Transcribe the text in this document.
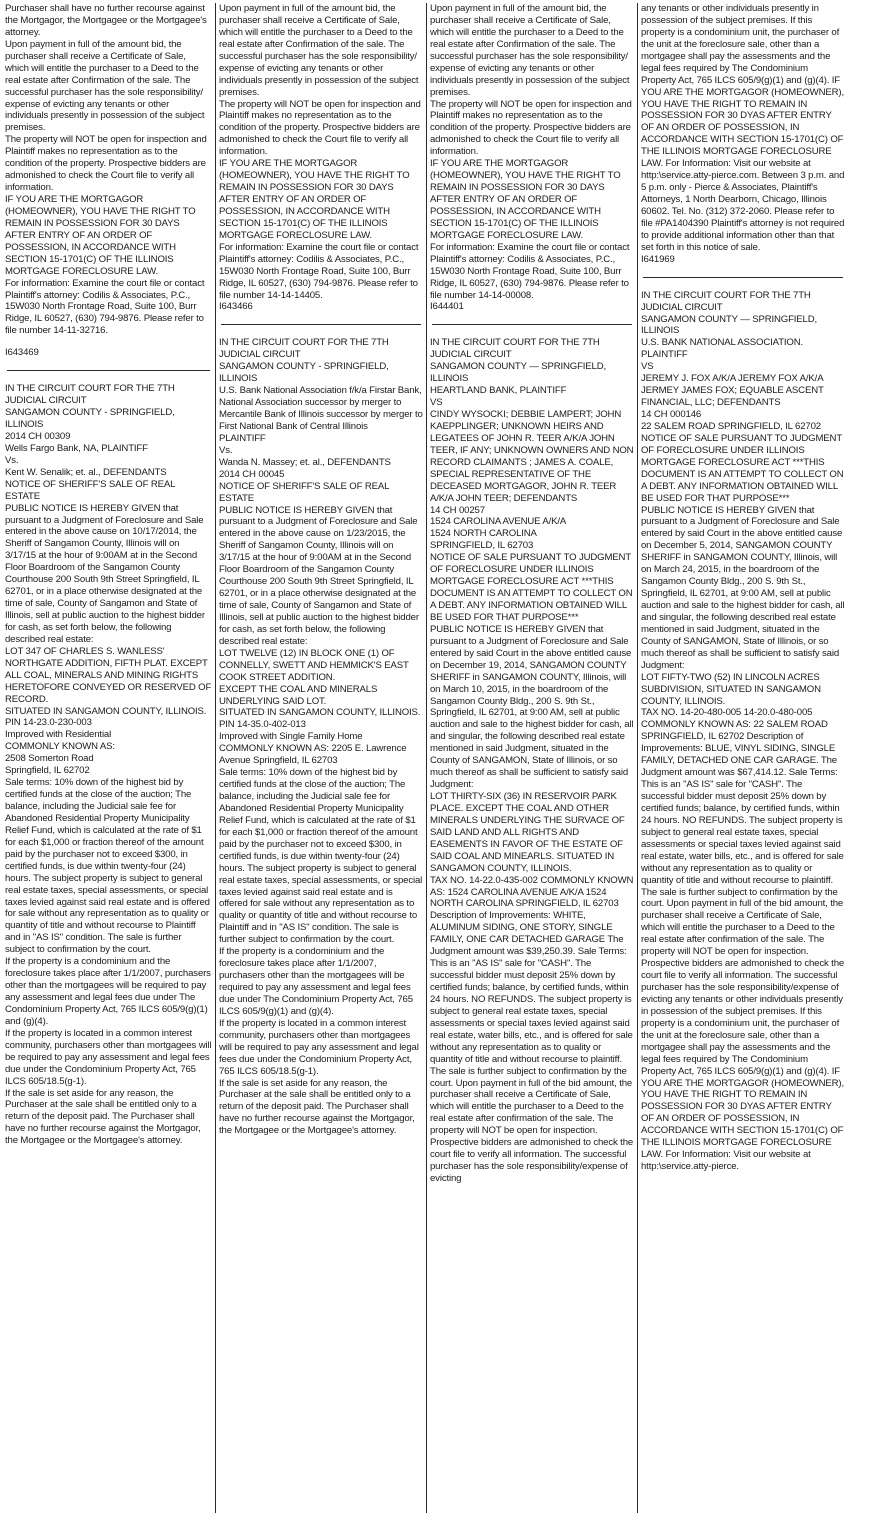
Purchaser shall have no further recourse against the Mortgagor, the Mortgagee or the Mortgagee's attorney.

Upon payment in full of the amount bid, the purchaser shall receive a Certificate of Sale, which will entitle the purchaser to a Deed to the real estate after Confirmation of the sale. The successful purchaser has the sole responsibility/ expense of evicting any tenants or other individuals presently in possession of the subject premises.

The property will NOT be open for inspection and Plaintiff makes no representation as to the condition of the property. Prospective bidders are admonished to check the Court file to verify all information.

IF YOU ARE THE MORTGAGOR (HOMEOWNER), YOU HAVE THE RIGHT TO REMAIN IN POSSESSION FOR 30 DAYS AFTER ENTRY OF AN ORDER OF POSSESSION, IN ACCORDANCE WITH SECTION 15-1701(C) OF THE ILLINOIS MORTGAGE FORECLOSURE LAW.

For information: Examine the court file or contact Plaintiff's attorney: Codilis & Associates, P.C., 15W030 North Frontage Road, Suite 100, Burr Ridge, IL 60527, (630) 794-9876. Please refer to file number 14-11-32716.

I643469

IN THE CIRCUIT COURT FOR THE 7TH JUDICIAL CIRCUIT

SANGAMON COUNTY - SPRINGFIELD, ILLINOIS

2014 CH 00309

Wells Fargo Bank, NA, PLAINTIFF

Vs.

Kent W. Senalik; et. al., DEFENDANTS

NOTICE OF SHERIFF'S SALE OF REAL ESTATE

PUBLIC NOTICE IS HEREBY GIVEN that pursuant to a Judgment of Foreclosure and Sale entered in the above cause on 10/17/2014, the Sheriff of Sangamon County, Illinois will on 3/17/15 at the hour of 9:00AM at in the Second Floor Boardroom of the Sangamon County Courthouse 200 South 9th Street Springfield, IL 62701, or in a place otherwise designated at the time of sale, County of Sangamon and State of Illinois, sell at public auction to the highest bidder for cash, as set forth below, the following described real estate:

LOT 347 OF CHARLES S. WANLESS' NORTHGATE ADDITION, FIFTH PLAT. EXCEPT ALL COAL, MINERALS AND MINING RIGHTS HERETOFORE CONVEYED OR RESERVED OF RECORD.

SITUATED IN SANGAMON COUNTY, ILLINOIS.

PIN 14-23.0-230-003

Improved with Residential

COMMONLY KNOWN AS:

2508 Somerton Road

Springfield, IL 62702

Sale terms: 10% down of the highest bid by certified funds at the close of the auction; The balance, including the Judicial sale fee for Abandoned Residential Property Municipality Relief Fund, which is calculated at the rate of $1 for each $1,000 or fraction thereof of the amount paid by the purchaser not to exceed $300, in certified funds, is due within twenty-four (24) hours. The subject property is subject to general real estate taxes, special assessments, or special taxes levied against said real estate and is offered for sale without any representation as to quality or quantity of title and without recourse to Plaintiff and in "AS IS" condition. The sale is further subject to confirmation by the court.

If the property is a condominium and the foreclosure takes place after 1/1/2007, purchasers other than the mortgagees will be required to pay any assessment and legal fees due under The Condominium Property Act, 765 ILCS 605/9(g)(1) and (g)(4).

If the property is located in a common interest community, purchasers other than mortgagees will be required to pay any assessment and legal fees due under the Condominium Property Act, 765 ILCS 605/18.5(g-1).

If the sale is set aside for any reason, the Purchaser at the sale shall be entitled only to a return of the deposit paid. The Purchaser shall have no further recourse against the Mortgagor, the Mortgagee or the Mortgagee's attorney.

Upon payment in full of the amount bid, the purchaser shall receive a Certificate of Sale, which will entitle the purchaser to a Deed to the real estate after Confirmation of the sale. The successful purchaser has the sole responsibility/ expense of evicting any tenants or other individuals presently in possession of the subject premises.

The property will NOT be open for inspection and Plaintiff makes no representation as to the condition of the property. Prospective bidders are admonished to check the Court file to verify all information.

IF YOU ARE THE MORTGAGOR (HOMEOWNER), YOU HAVE THE RIGHT TO REMAIN IN POSSESSION FOR 30 DAYS AFTER ENTRY OF AN ORDER OF POSSESSION, IN ACCORDANCE WITH SECTION 15-1701(C) OF THE ILLINOIS MORTGAGE FORECLOSURE LAW.

For information: Examine the court file or contact Plaintiff's attorney: Codilis & Associates, P.C., 15W030 North Frontage Road, Suite 100, Burr Ridge, IL 60527, (630) 794-9876. Please refer to file number 14-14-14405.

I643466

IN THE CIRCUIT COURT FOR THE 7TH JUDICIAL CIRCUIT

SANGAMON COUNTY - SPRINGFIELD, ILLINOIS

U.S. Bank National Association f/k/a Firstar Bank, National Association successor by merger to Mercantile Bank of Illinois successor by merger to First National Bank of Central Illinois

PLAINTIFF

Vs.

Wanda N. Massey; et. al., DEFENDANTS

2014 CH 00045

NOTICE OF SHERIFF'S SALE OF REAL ESTATE

PUBLIC NOTICE IS HEREBY GIVEN that pursuant to a Judgment of Foreclosure and Sale entered in the above cause on 1/23/2015, the Sheriff of Sangamon County, Illinois will on 3/17/15 at the hour of 9:00AM at in the Second Floor Boardroom of the Sangamon County Courthouse 200 South 9th Street Springfield, IL 62701, or in a place otherwise designated at the time of sale, County of Sangamon and State of Illinois, sell at public auction to the highest bidder for cash, as set forth below, the following described real estate:

LOT TWELVE (12) IN BLOCK ONE (1) OF CONNELLY, SWETT AND HEMMICK'S EAST COOK STREET ADDITION.

EXCEPT THE COAL AND MINERALS UNDERLYING SAID LOT.

SITUATED IN SANGAMON COUNTY, ILLINOIS.

PIN 14-35.0-402-013

Improved with Single Family Home

COMMONLY KNOWN AS: 2205 E. Lawrence Avenue Springfield, IL 62703

Sale terms: 10% down of the highest bid by certified funds at the close of the auction; The balance, including the Judicial sale fee for Abandoned Residential Property Municipality Relief Fund, which is calculated at the rate of $1 for each $1,000 or fraction thereof of the amount paid by the purchaser not to exceed $300, in certified funds, is due within twenty-four (24) hours. The subject property is subject to general real estate taxes, special assessments, or special taxes levied against said real estate and is offered for sale without any representation as to quality or quantity of title and without recourse to Plaintiff and in "AS IS" condition. The sale is further subject to confirmation by the court.

If the property is a condominium and the foreclosure takes place after 1/1/2007, purchasers other than the mortgagees will be required to pay any assessment and legal fees due under The Condominium Property Act, 765 ILCS 605/9(g)(1) and (g)(4).

If the property is located in a common interest community, purchasers other than mortgagees will be required to pay any assessment and legal fees due under the Condominium Property Act, 765 ILCS 605/18.5(g-1).

If the sale is set aside for any reason, the Purchaser at the sale shall be entitled only to a return of the deposit paid. The Purchaser shall have no further recourse against the Mortgagor, the Mortgagee or the Mortgagee's attorney.

Upon payment in full of the amount bid, the purchaser shall receive a Certificate of Sale, which will entitle the purchaser to a Deed to the real estate after Confirmation of the sale. The successful purchaser has the sole responsibility/ expense of evicting any tenants or other individuals presently in possession of the subject premises.

The property will NOT be open for inspection and Plaintiff makes no representation as to the condition of the property. Prospective bidders are admonished to check the Court file to verify all information.

IF YOU ARE THE MORTGAGOR (HOMEOWNER), YOU HAVE THE RIGHT TO REMAIN IN POSSESSION FOR 30 DAYS AFTER ENTRY OF AN ORDER OF POSSESSION, IN ACCORDANCE WITH SECTION 15-1701(C) OF THE ILLINOIS MORTGAGE FORECLOSURE LAW.

For information: Examine the court file or contact Plaintiff's attorney: Codilis & Associates, P.C., 15W030 North Frontage Road, Suite 100, Burr Ridge, IL 60527, (630) 794-9876. Please refer to file number 14-14-00008.

I644401

IN THE CIRCUIT COURT FOR THE 7TH JUDICIAL CIRCUIT

SANGAMON COUNTY — SPRINGFIELD, ILLINOIS

HEARTLAND BANK, PLAINTIFF

VS

CINDY WYSOCKI; DEBBIE LAMPERT; JOHN KAEPPLINGER; UNKNOWN HEIRS AND LEGATEES OF JOHN R. TEER A/K/A JOHN TEER, IF ANY; UNKNOWN OWNERS AND NON RECORD CLAIMANTS ; JAMES A. COALE, SPECIAL REPRESENTATIVE OF THE DECEASED MORTGAGOR, JOHN R. TEER A/K/A JOHN TEER; DEFENDANTS

14 CH 00257

1524 CAROLINA AVENUE A/K/A

1524 NORTH CAROLINA

SPRINGFIELD, IL 62703

NOTICE OF SALE PURSUANT TO JUDGMENT OF FORECLOSURE UNDER ILLINOIS MORTGAGE FORECLOSURE ACT ***THIS DOCUMENT IS AN ATTEMPT TO COLLECT ON A DEBT. ANY INFORMATION OBTAINED WILL BE USED FOR THAT PURPOSE***

PUBLIC NOTICE IS HEREBY GIVEN that pursuant to a Judgment of Foreclosure and Sale entered by said Court in the above entitled cause on December 19, 2014, SANGAMON COUNTY SHERIFF in SANGAMON COUNTY, Illinois, will on March 10, 2015, in the boardroom of the Sangamon County Bldg., 200 S. 9th St., Springfield, IL 62701, at 9:00 AM, sell at public auction and sale to the highest bidder for cash, all and singular, the following described real estate mentioned in said Judgment, situated in the County of SANGAMON, State of Illinois, or so much thereof as shall be sufficient to satisfy said Judgment:

LOT THIRTY-SIX (36) IN RESERVOIR PARK PLACE. EXCEPT THE COAL AND OTHER MINERALS UNDERLYING THE SURVACE OF SAID LAND AND ALL RIGHTS AND EASEMENTS IN FAVOR OF THE ESTATE OF SAID COAL AND MINEARLS. SITUATED IN SANGAMON COUNTY, ILLINOIS.

TAX NO. 14-22.0-435-002 COMMONLY KNOWN AS: 1524 CAROLINA AVENUE A/K/A 1524 NORTH CAROLINA SPRINGFIELD, IL 62703 Description of Improvements: WHITE, ALUMINUM SIDING, ONE STORY, SINGLE FAMILY, ONE CAR DETACHED GARAGE The Judgment amount was $39,250.39. Sale Terms: This is an "AS IS" sale for "CASH". The successful bidder must deposit 25% down by certified funds; balance, by certified funds, within 24 hours. NO REFUNDS. The subject property is subject to general real estate taxes, special assessments or special taxes levied against said real estate, water bills, etc., and is offered for sale without any representation as to quality or quantity of title and without recourse to plaintiff. The sale is further subject to confirmation by the court. Upon payment in full of the bid amount, the purchaser shall receive a Certificate of Sale, which will entitle the purchaser to a Deed to the real estate after confirmation of the sale. The property will NOT be open for inspection. Prospective bidders are admonished to check the court file to verify all information. The successful purchaser has the sole responsibility/expense of evicting

any tenants or other individuals presently in possession of the subject premises. If this property is a condominium unit, the purchaser of the unit at the foreclosure sale, other than a mortgagee shall pay the assessments and the legal fees required by The Condominium Property Act, 765 ILCS 605/9(g)(1) and (g)(4). IF YOU ARE THE MORTGAGOR (HOMEOWNER), YOU HAVE THE RIGHT TO REMAIN IN POSSESSION FOR 30 DYAS AFTER ENTRY OF AN ORDER OF POSSESSION, IN ACCORDANCE WITH SECTION 15-1701(C) OF THE ILLINOIS MORTGAGE FORECLOSURE LAW. For Information: Visit our website at http:\service.atty-pierce.com. Between 3 p.m. and 5 p.m. only - Pierce & Associates, Plaintiff's Attorneys, 1 North Dearborn, Chicago, Illinois 60602. Tel. No. (312) 372-2060. Please refer to file #PA1404390 Plaintiff's attorney is not required to provide additional information other than that set forth in this notice of sale.

I641969

IN THE CIRCUIT COURT FOR THE 7TH JUDICIAL CIRCUIT

SANGAMON COUNTY — SPRINGFIELD, ILLINOIS

U.S. BANK NATIONAL ASSOCIATION. PLAINTIFF

VS

JEREMY J. FOX A/K/A JEREMY FOX A/K/A JERMEY JAMES FOX; EQUABLE ASCENT FINANCIAL, LLC; DEFENDANTS

14 CH 000146

22 SALEM ROAD SPRINGFIELD, IL 62702 NOTICE OF SALE PURSUANT TO JUDGMENT OF FORECLOSURE UNDER ILLINOIS MORTGAGE FORECLOSURE ACT ***THIS DOCUMENT IS AN ATTEMPT TO COLLECT ON A DEBT. ANY INFORMATION OBTAINED WILL BE USED FOR THAT PURPOSE***

PUBLIC NOTICE IS HEREBY GIVEN that pursuant to a Judgment of Foreclosure and Sale entered by said Court in the above entitled cause on December 5, 2014, SANGAMON COUNTY SHERIFF in SANGAMON COUNTY, Illinois, will on March 24, 2015, in the boardroom of the Sangamon County Bldg., 200 S. 9th St., Springfield, IL 62701, at 9:00 AM, sell at public auction and sale to the highest bidder for cash, all and singular, the following described real estate mentioned in said Judgment, situated in the County of SANGAMON, State of Illinois, or so much thereof as shall be sufficient to satisfy said Judgment:

LOT FIFTY-TWO (52) IN LINCOLN ACRES SUBDIVISION, SITUATED IN SANGAMON COUNTY, ILLINOIS.

TAX NO. 14-20-480-005 14-20.0-480-005 COMMONLY KNOWN AS: 22 SALEM ROAD SPRINGFIELD, IL 62702 Description of Improvements: BLUE, VINYL SIDING, SINGLE FAMILY, DETACHED ONE CAR GARAGE. The Judgment amount was $67,414.12. Sale Terms: This is an "AS IS" sale for "CASH". The successful bidder must deposit 25% down by certified funds; balance, by certified funds, within 24 hours. NO REFUNDS. The subject property is subject to general real estate taxes, special assessments or special taxes levied against said real estate, water bills, etc., and is offered for sale without any representation as to quality or quantity of title and without recourse to plaintiff. The sale is further subject to confirmation by the court. Upon payment in full of the bid amount, the purchaser shall receive a Certificate of Sale, which will entitle the purchaser to a Deed to the real estate after confirmation of the sale. The property will NOT be open for inspection. Prospective bidders are admonished to check the court file to verify all information. The successful purchaser has the sole responsibility/expense of evicting any tenants or other individuals presently in possession of the subject premises. If this property is a condominium unit, the purchaser of the unit at the foreclosure sale, other than a mortgagee shall pay the assessments and the legal fees required by The Condominium Property Act, 765 ILCS 605/9(g)(1) and (g)(4). IF YOU ARE THE MORTGAGOR (HOMEOWNER), YOU HAVE THE RIGHT TO REMAIN IN POSSESSION FOR 30 DYAS AFTER ENTRY OF AN ORDER OF POSSESSION, IN ACCORDANCE WITH SECTION 15-1701(C) OF THE ILLINOIS MORTGAGE FORECLOSURE LAW. For Information: Visit our website at http:\service.atty-pierce.
